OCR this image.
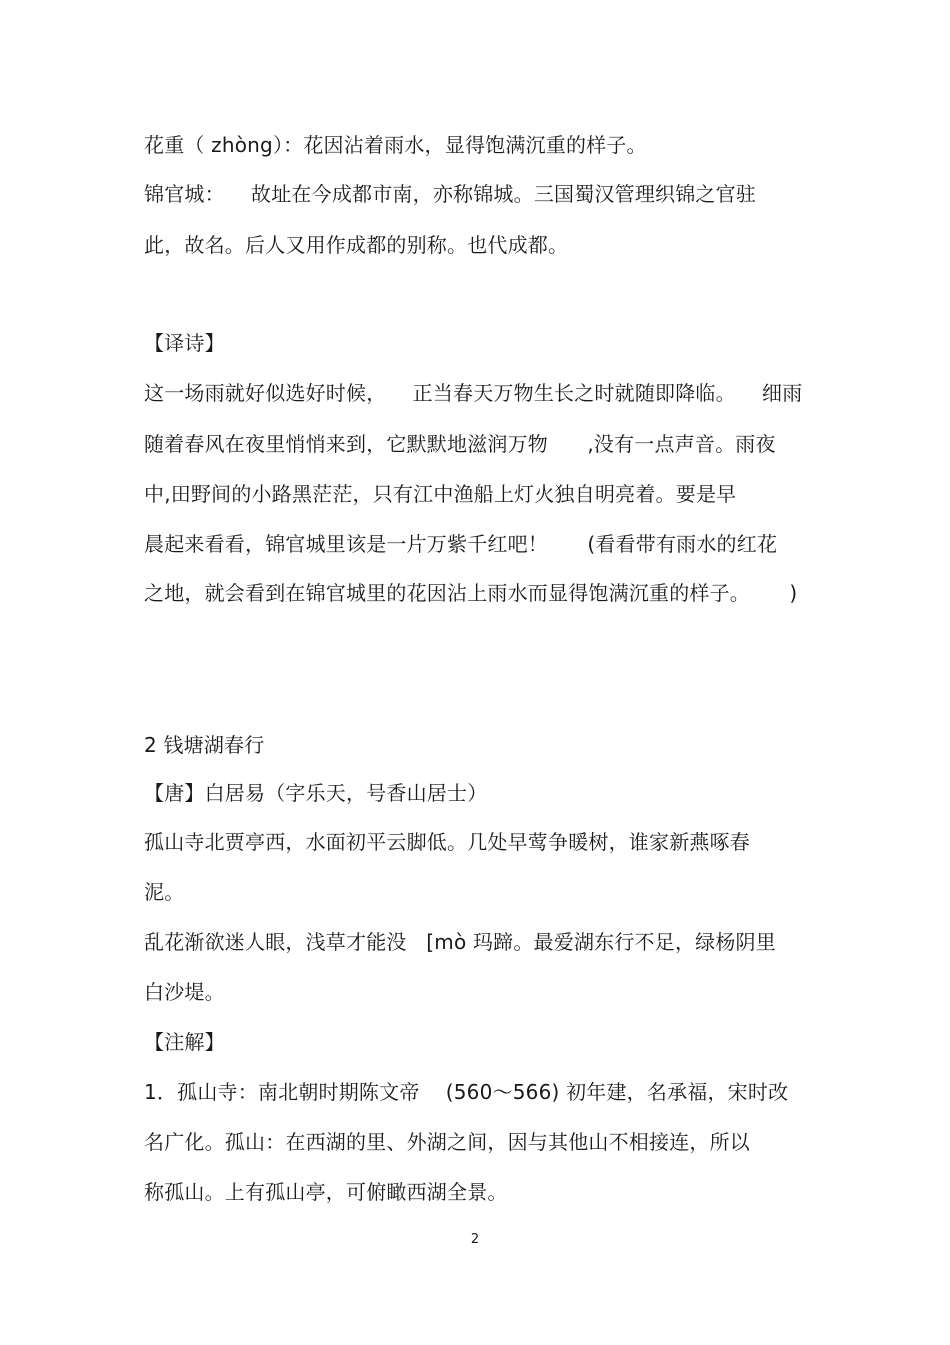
花重（ zhòng）：花因沾着雨水，显得饱满沉重的样子。
锦官城：    故址在今成都市南，亦称锦城。三国蜀汉管理织锦之官驻
此，故名。后人又用作成都的别称。也代成都。
【译诗】
这一场雨就好似选好时候，    正当春天万物生长之时就随即降临。    细雨
随着春风在夜里悄悄来到，它默默地滋润万物      ,没有一点声音。雨夜
中,田野间的小路黑茫茫，只有江中渔船上灯火独自明亮着。要是早
晨起来看看，锦官城里该是一片万紫千红吧！      (看看带有雨水的红花
之地，就会看到在锦官城里的花因沾上雨水而显得饱满沉重的样子。      )
2 钱塘湖春行
【唐】白居易（字乐天，号香山居士）
孤山寺北贾亭西，水面初平云脚低。几处早莺争暖树，谁家新燕啄春
泥。
乱花渐欲迷人眼，浅草才能没   [mò 玛蹄。最爱湖东行不足，绿杨阴里
白沙堤。
【注解】
1．孤山寺：南北朝时期陈文帝    (560～566) 初年建，名承福，宋时改
名广化。孤山：在西湖的里、外湖之间，因与其他山不相接连，所以
称孤山。上有孤山亭，可俯瞰西湖全景。
2
